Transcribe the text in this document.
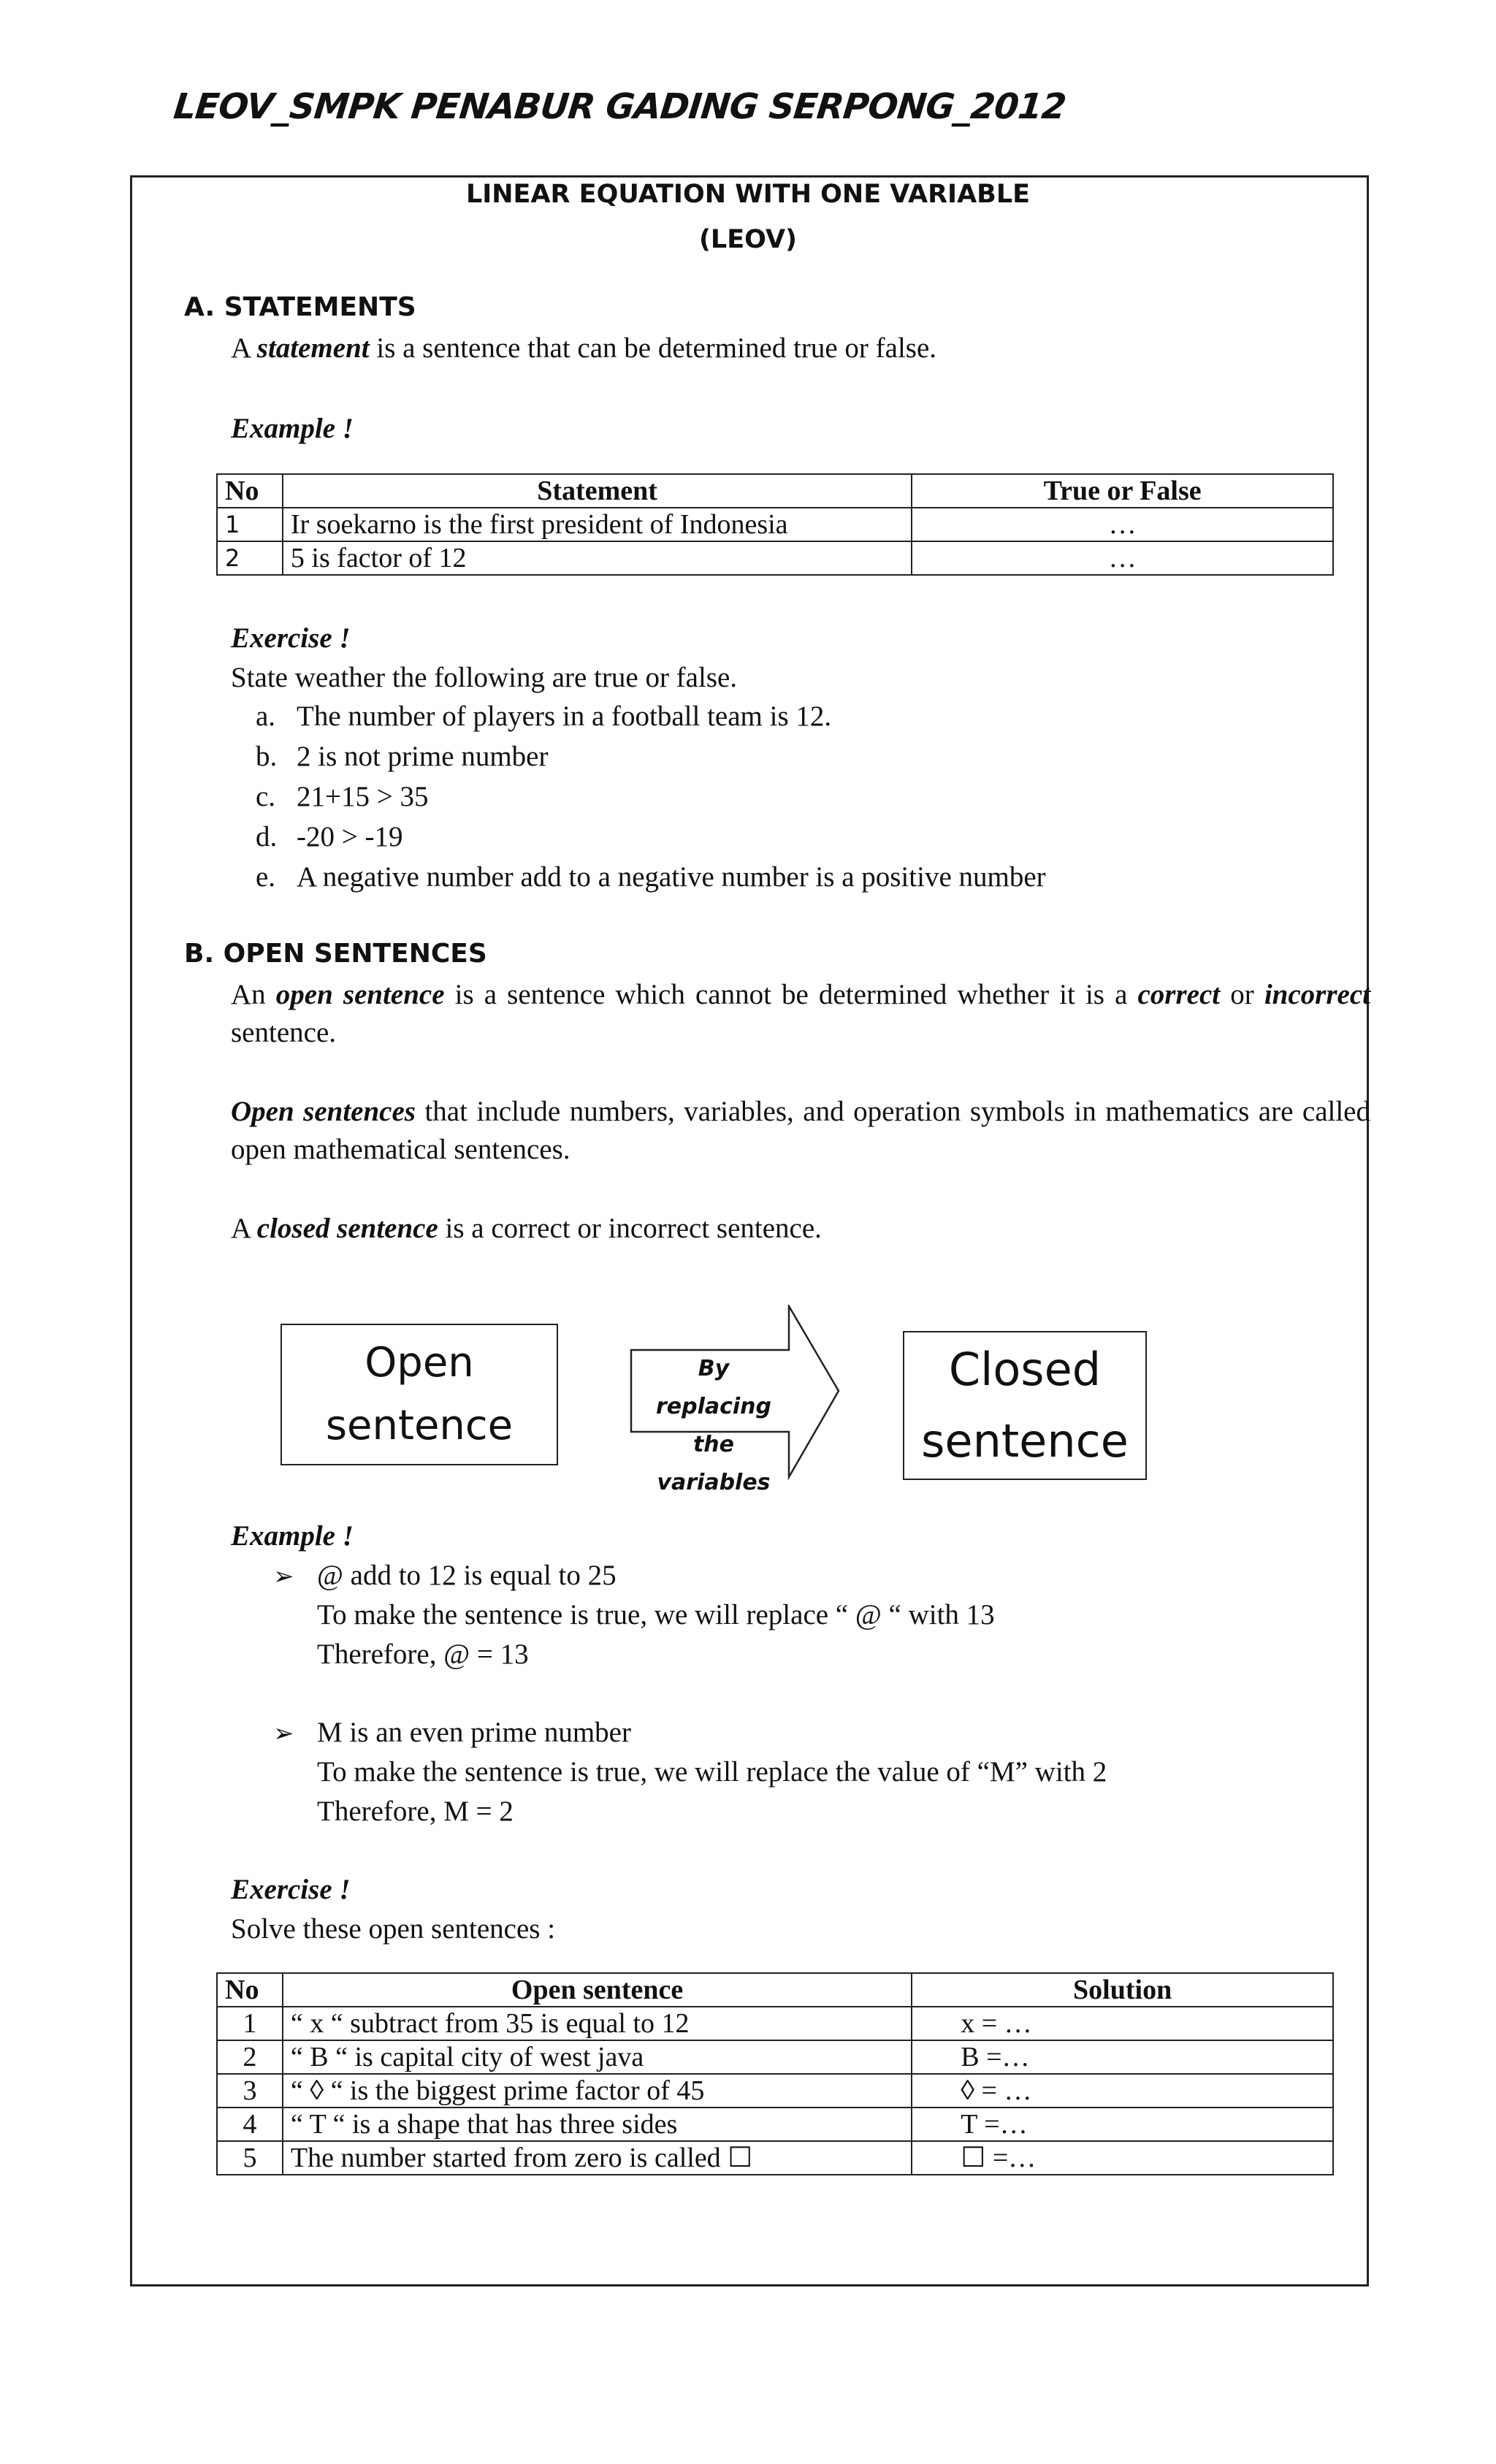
LEOV_SMPK PENABUR GADING SERPONG_2012
LINEAR EQUATION WITH ONE VARIABLE
(LEOV)
A. STATEMENTS
A statement is a sentence that can be determined true or false.
Example !
No	Statement	True or False
1	Ir soekarno is the first president of Indonesia	…
2	5 is factor of 12	…
Exercise !
State weather the following are true or false.
a. The number of players in a football team is 12.
b. 2 is not prime number
c. 21+15 > 35
d. -20 > -19
e. A negative number add to a negative number is a positive number
B. OPEN SENTENCES
An open sentence is a sentence which cannot be determined whether it is a correct or incorrect sentence.
Open sentences that include numbers, variables, and operation symbols in mathematics are called open mathematical sentences.
A closed sentence is a correct or incorrect sentence.
Open
sentence
By replacing
the variables
Closed
sentence
Example !
➢ @ add to 12 is equal to 25
To make the sentence is true, we will replace “ @ “ with 13
Therefore, @ = 13
➢ M is an even prime number
To make the sentence is true, we will replace the value of “M” with 2
Therefore, M = 2
Exercise !
Solve these open sentences :
No	Open sentence	Solution
1	“ x “ subtract from 35 is equal to 12	x = …
2	“ B “ is capital city of west java	B =…
3	“ ◊ “ is the biggest prime factor of 45	◊ = …
4	“ T “ is a shape that has three sides	T =…
5	The number started from zero is called ☐	☐ =…
